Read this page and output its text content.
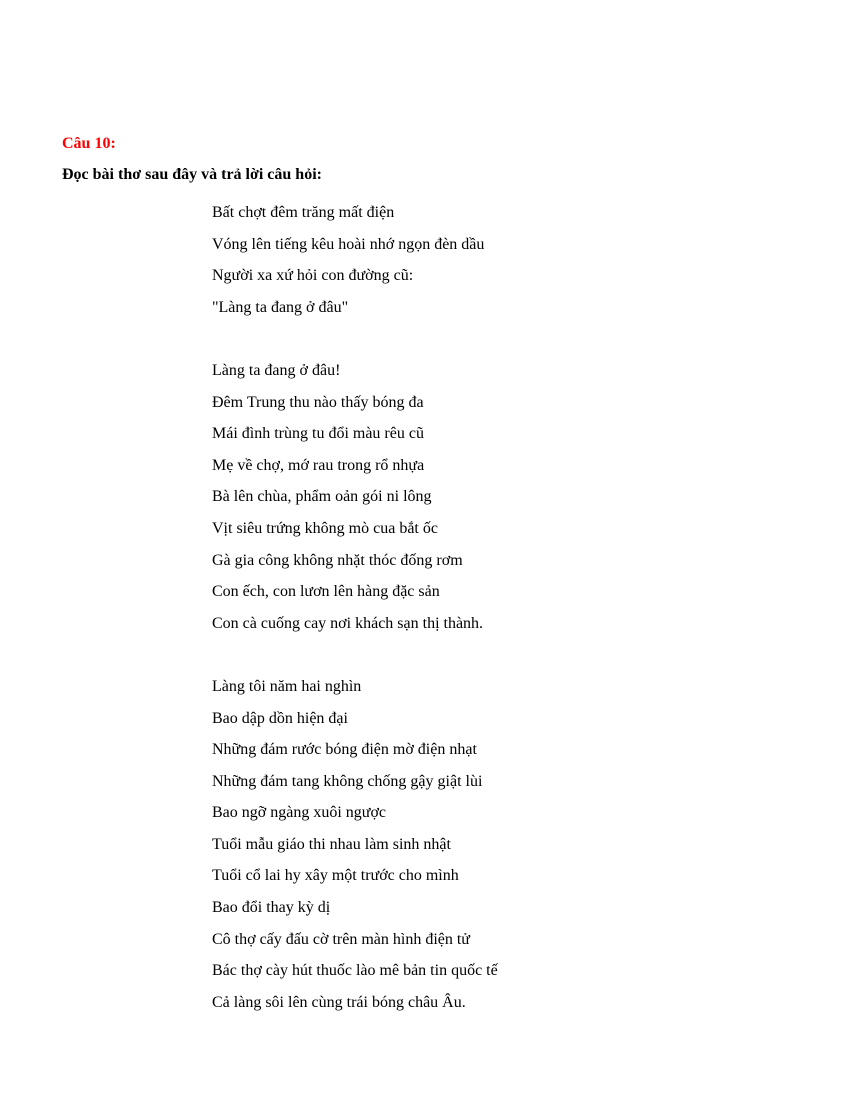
Câu 10:
Đọc bài thơ sau đây và trả lời câu hỏi:
Bất chợt đêm trăng mất điện
Vóng lên tiếng kêu hoài nhớ ngọn đèn dầu
Người xa xứ hỏi con đường cũ:
"Làng ta đang ở đâu"
Làng ta đang ở đâu!
Đêm Trung thu nào thấy bóng đa
Mái đình trùng tu đổi màu rêu cũ
Mẹ về chợ, mớ rau trong rổ nhựa
Bà lên chùa, phẩm oản gói ni lông
Vịt siêu trứng không mò cua bắt ốc
Gà gia công không nhặt thóc đống rơm
Con ếch, con lươn lên hàng đặc sản
Con cà cuống cay nơi khách sạn thị thành.
Làng tôi năm hai nghìn
Bao dập dồn hiện đại
Những đám rước bóng điện mờ điện nhạt
Những đám tang không chống gậy giật lùi
Bao ngỡ ngàng xuôi ngược
Tuổi mẫu giáo thi nhau làm sinh nhật
Tuổi cổ lai hy xây một trước cho mình
Bao đổi thay kỳ dị
Cô thợ cấy đấu cờ trên màn hình điện tử
Bác thợ cày hút thuốc lào mê bản tin quốc tế
Cả làng sôi lên cùng trái bóng châu Âu.
